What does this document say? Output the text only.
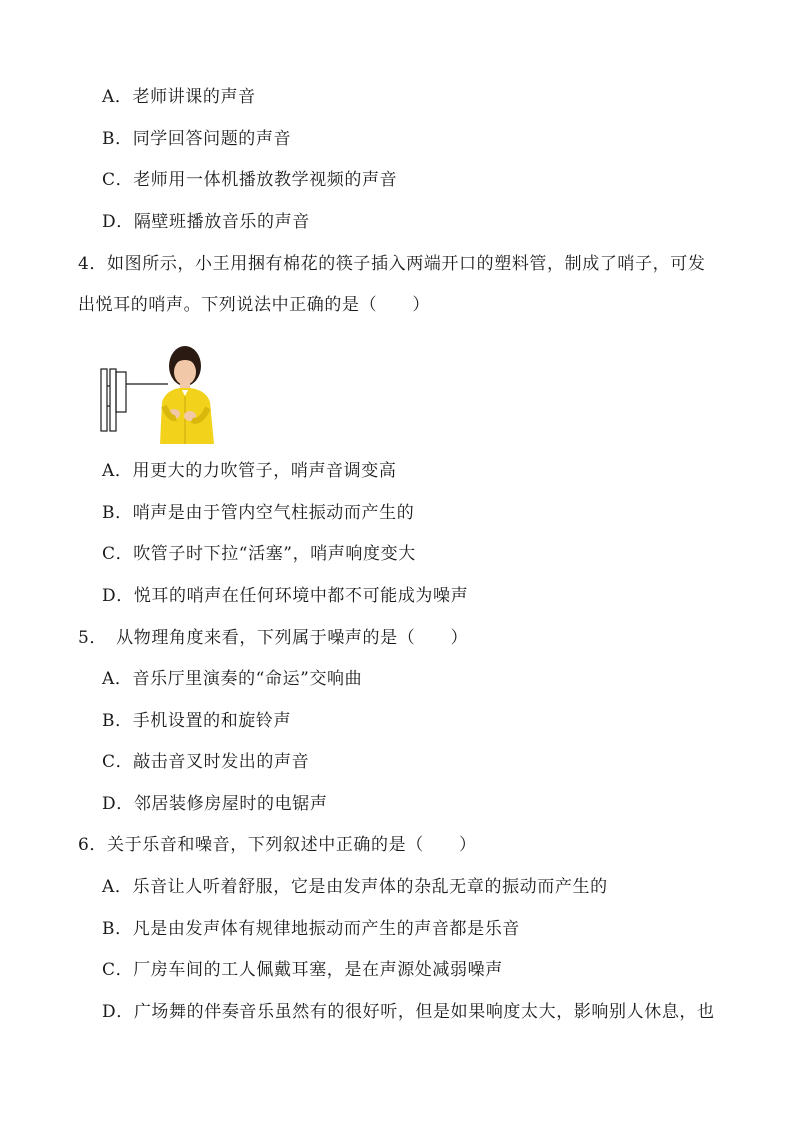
A．老师讲课的声音
B．同学回答问题的声音
C．老师用一体机播放教学视频的声音
D．隔壁班播放音乐的声音
4．如图所示，小王用捆有棉花的筷子插入两端开口的塑料管，制成了哨子，可发
出悦耳的哨声。下列说法中正确的是（　　）
A．用更大的力吹管子，哨声音调变高
B．哨声是由于管内空气柱振动而产生的
C．吹管子时下拉“活塞”，哨声响度变大
D．悦耳的哨声在任何环境中都不可能成为噪声
5．　从物理角度来看，下列属于噪声的是（　　）
A．音乐厅里演奏的“命运”交响曲
B．手机设置的和旋铃声
C．敲击音叉时发出的声音
D．邻居装修房屋时的电锯声
6．关于乐音和噪音，下列叙述中正确的是（　　）
A．乐音让人听着舒服，它是由发声体的杂乱无章的振动而产生的
B．凡是由发声体有规律地振动而产生的声音都是乐音
C．厂房车间的工人佩戴耳塞，是在声源处减弱噪声
D．广场舞的伴奏音乐虽然有的很好听，但是如果响度太大，影响别人休息，也
